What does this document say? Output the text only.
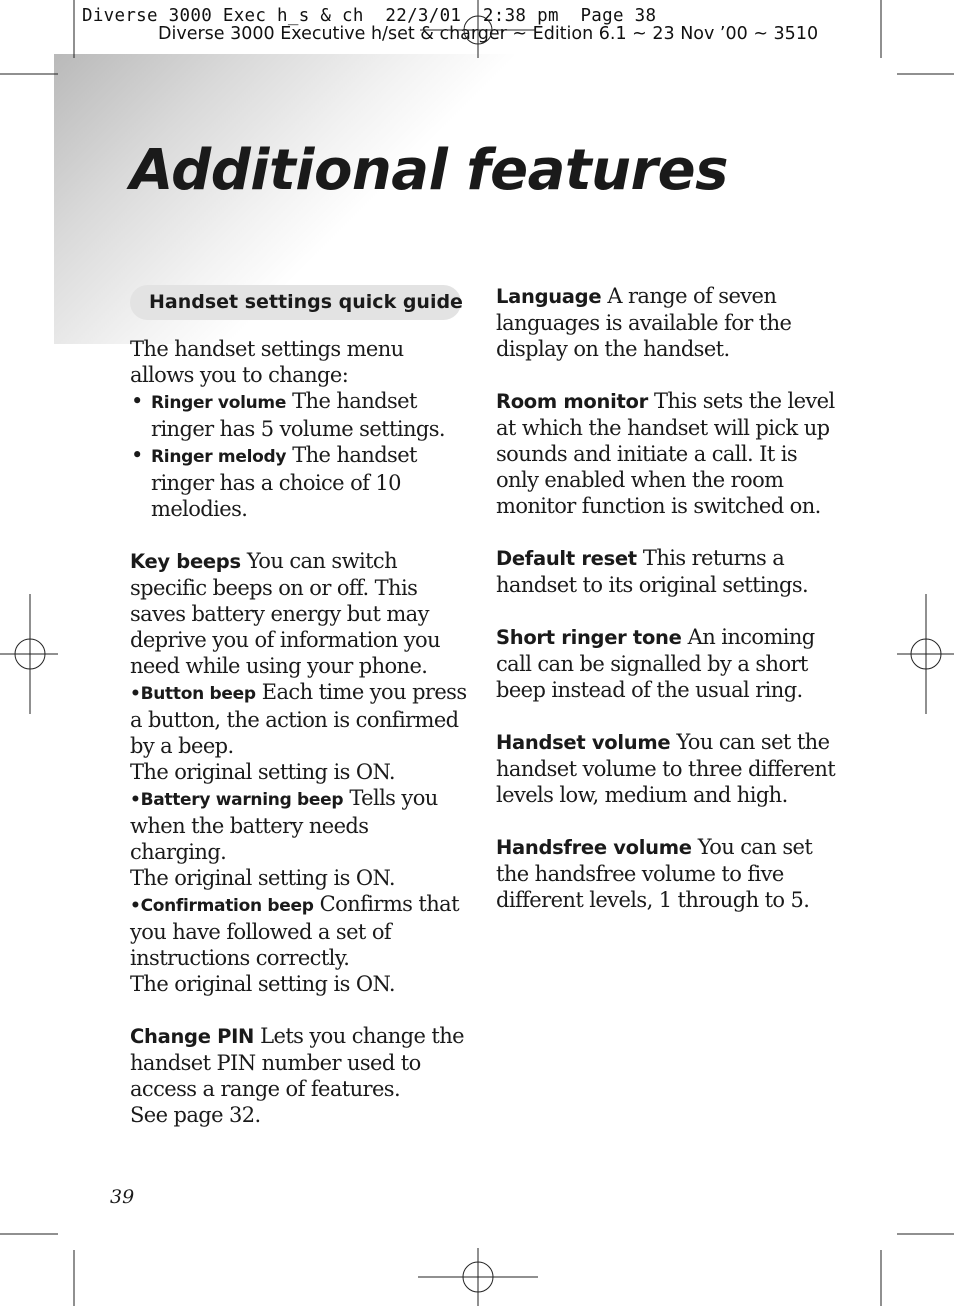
Diverse 3000 Exec h_s & ch  22/3/01  2:38 pm  Page 38
Diverse 3000 Executive h/set & charger ~ Edition 6.1 ~ 23 Nov ’00 ~ 3510
Additional features
Handset settings quick guide

The handset settings menu allows you to change:

• Ringer volume The handset ringer has 5 volume settings.

• Ringer melody The handset ringer has a choice of 10 melodies.

Key beeps You can switch specific beeps on or off. This saves battery energy but may deprive you of information you need while using your phone.

•Button beep Each time you press a button, the action is confirmed by a beep.

The original setting is ON.

•Battery warning beep Tells you when the battery needs charging.

The original setting is ON.

•Confirmation beep Confirms that you have followed a set of instructions correctly.

The original setting is ON.

Change PIN Lets you change the handset PIN number used to access a range of features.

See page 32.

Language A range of seven languages is available for the display on the handset.

Room monitor This sets the level at which the handset will pick up sounds and initiate a call. It is only enabled when the room monitor function is switched on.

Default reset This returns a handset to its original settings.

Short ringer tone An incoming call can be signalled by a short beep instead of the usual ring.

Handset volume You can set the handset volume to three different levels low, medium and high.

Handsfree volume You can set the handsfree volume to five different levels, 1 through to 5.

39
